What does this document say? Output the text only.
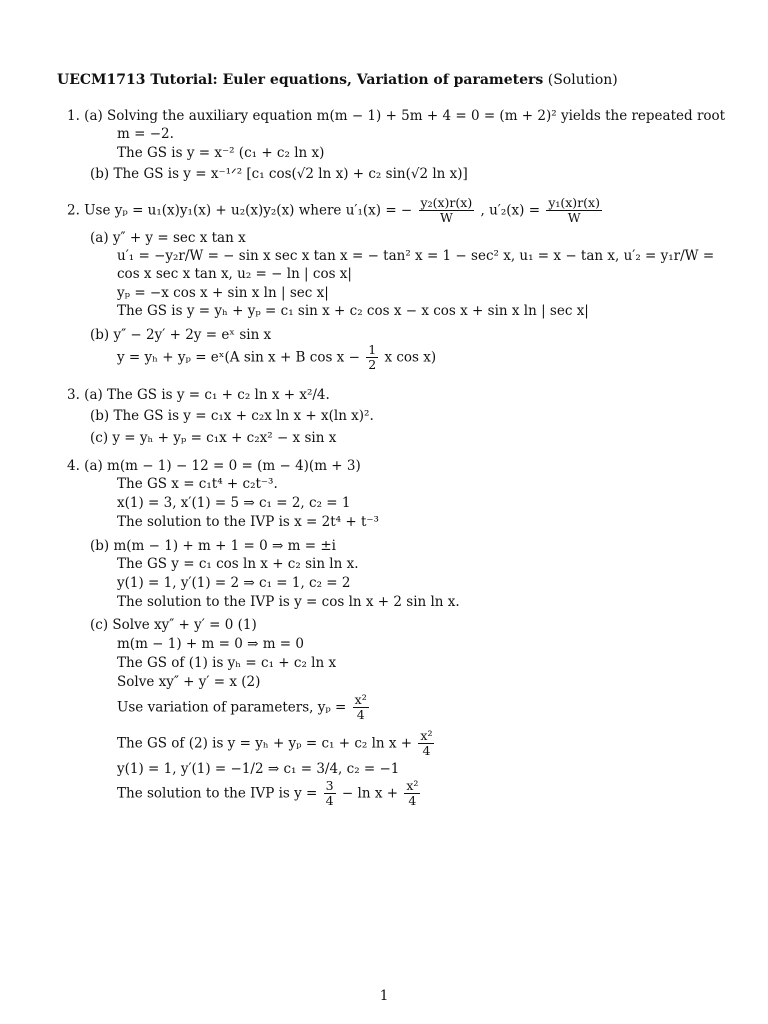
UECM1713 Tutorial: Euler equations, Variation of parameters (Solution)
1. (a) Solving the auxiliary equation m(m − 1) + 5m + 4 = 0 = (m + 2)² yields the repeated root
m = −2.
The GS is y = x⁻² (c₁ + c₂ ln x)
(b) The GS is y = x⁻¹ᐟ² [c₁ cos(√2 ln x) + c₂ sin(√2 ln x)]
2. Use yₚ = u₁(x)y₁(x) + u₂(x)y₂(x) where u′₁(x) = − $\frac{\text{y₂(x)r(x)}}{W}$ , $u'_2(x) = \frac{\text{y₁(x)r(x)}}{W}$
(a) y″ + y = sec x tan x
u′₁ = −y₂r/W = − sin x sec x tan x = − tan² x = 1 − sec² x, u₁ = x − tan x, u′₂ = y₁r/W =
cos x sec x tan x, u₂ = − ln | cos x|
yₚ = −x cos x + sin x ln | sec x|
The GS is y = yₕ + yₚ = c₁ sin x + c₂ cos x − x cos x + sin x ln | sec x|
(b) y″ − 2y′ + 2y = eˣ sin x
y = yₕ + yₚ = eˣ(A sin x + B $\cos x - \frac{1}{2}$ x cos x)
3. (a) The GS is y = c₁ + c₂ ln x + x²/4.
(b) The GS is y = c₁x + c₂x ln x + x(ln x)².
(c) y = yₕ + yₚ = c₁x + c₂x² − x sin x
4. (a) m(m − 1) − 12 = 0 = (m − 4)(m + 3)
The GS x = c₁t⁴ + c₂t⁻³.
x(1) = 3, x′(1) = 5 ⇒ c₁ = 2, c₂ = 1
The solution to the IVP is x = 2t⁴ + t⁻³
(b) m(m − 1) + m + 1 = 0 ⇒ m = ±i
The GS y = c₁ cos ln x + c₂ sin ln x.
y(1) = 1, y′(1) = 2 ⇒ c₁ = 1, c₂ = 2
The solution to the IVP is y = cos ln x + 2 sin ln x.
(c) Solve xy″ + y′ = 0 (1)
m(m − 1) + m = 0 ⇒ m = 0
The GS of (1) is yₕ = c₁ + c₂ ln x
Solve xy″ + y′ = x (2)
Use variation of parameters, $y_p = \frac{\text{x²}}{4}$
The GS of (2) is y = yₕ + yₚ = c₁ + c₂ $\ln x + \frac{\text{x²}}{4}$
y(1) = 1, y′(1) = −1/2 ⇒ c₁ = 3/4, c₂ = −1
The solution to the IVP is $y = \frac{3}{4} - \ln x + \frac{\text{x²}}{4}$
1
